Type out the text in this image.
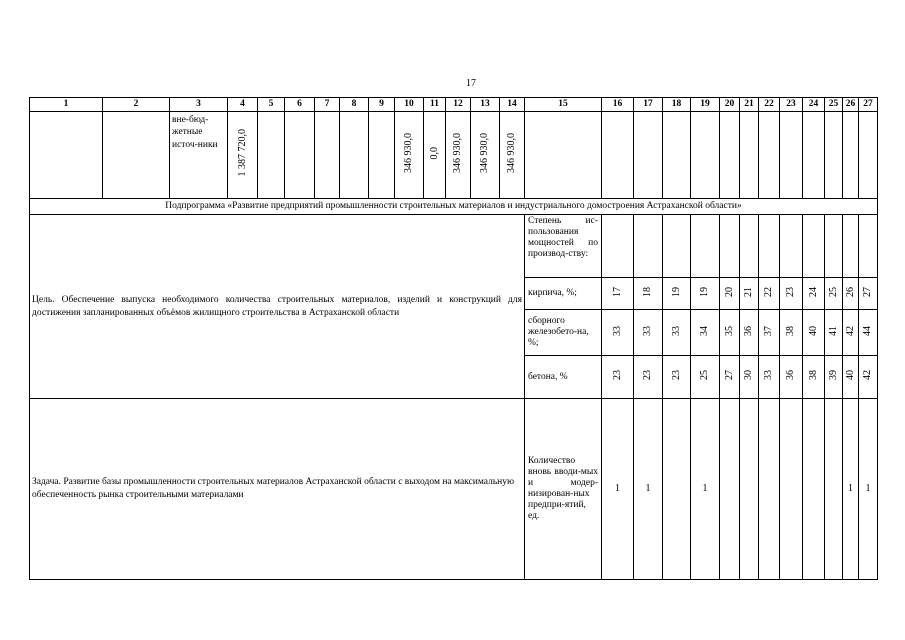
17
1	2	3	4	5	6	7	8	9	10	11	12	13	14	15	16	17	18	19	20	21	22	23	24	25	26	27
		вне-бюд-жетные источ-ники	1 387 720,0						346 930,0	0,0	346 930,0	346 930,0	346 930,0													
Подпрограмма «Развитие предприятий промышленности строительных материалов и индустриального домостроения Астраханской области»																										
Цель. Обеспечение выпуска необходимого количества строительных материалов, изделий и конструкций для достижения запланированных объёмов жилищного строительства в Астраханской области														Степень ис-пользования мощностей по производ-ству:												
														кирпича, %;	17	18	19	19	20	21	22	23	24	25	26	27
														сборного железобето-на, %;	33	33	33	34	35	36	37	38	40	41	42	44
														бетона, %	23	23	23	25	27	30	33	36	38	39	40	42
Задача. Развитие базы промышленности строительных материалов Астраханской области с выходом на максимальную обеспеченность рынка строительными материалами														Количество вновь вводи-мых и модер-низирован-ных предпри-ятий, ед.	1	1		1							1	1
